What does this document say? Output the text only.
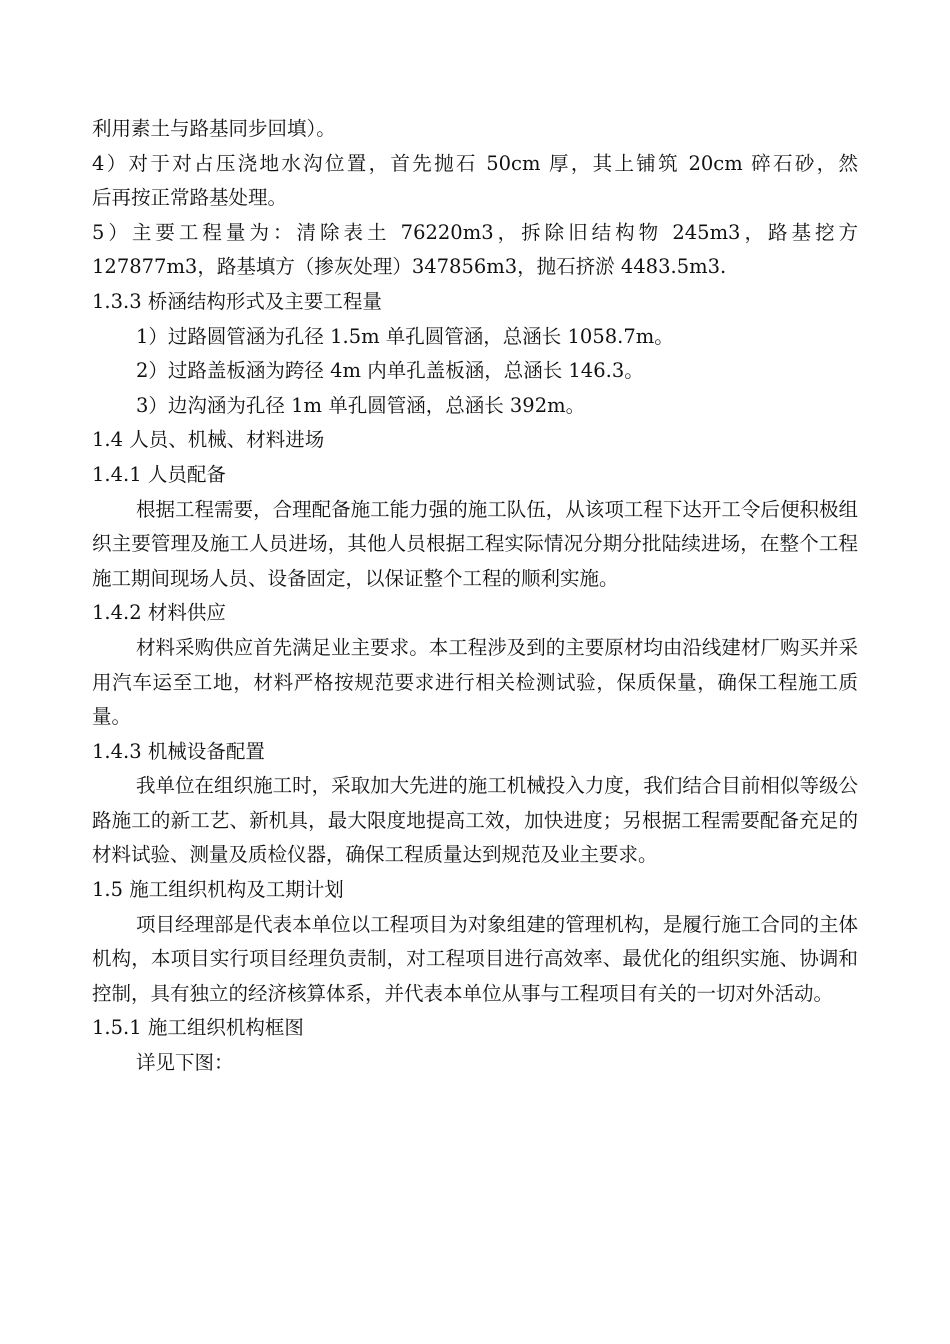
利用素土与路基同步回填）。
4）对于对占压浇地水沟位置，首先抛石 50cm 厚，其上铺筑 20cm 碎石砂，然
后再按正常路基处理。
5）主要工程量为：清除表土 76220m3，拆除旧结构物 245m3，路基挖方
127877m3，路基填方（掺灰处理）347856m3，抛石挤淤 4483.5m3.
1.3.3 桥涵结构形式及主要工程量
1）过路圆管涵为孔径 1.5m 单孔圆管涵，总涵长 1058.7m。
2）过路盖板涵为跨径 4m 内单孔盖板涵，总涵长 146.3。
3）边沟涵为孔径 1m 单孔圆管涵，总涵长 392m。
1.4 人员、机械、材料进场
1.4.1 人员配备
根据工程需要，合理配备施工能力强的施工队伍，从该项工程下达开工令后便积极组织主要管理及施工人员进场，其他人员根据工程实际情况分期分批陆续进场，在整个工程施工期间现场人员、设备固定，以保证整个工程的顺利实施。
1.4.2 材料供应
材料采购供应首先满足业主要求。本工程涉及到的主要原材均由沿线建材厂购买并采用汽车运至工地，材料严格按规范要求进行相关检测试验，保质保量，确保工程施工质量。
1.4.3 机械设备配置
我单位在组织施工时，采取加大先进的施工机械投入力度，我们结合目前相似等级公路施工的新工艺、新机具，最大限度地提高工效，加快进度；另根据工程需要配备充足的材料试验、测量及质检仪器，确保工程质量达到规范及业主要求。
1.5 施工组织机构及工期计划
项目经理部是代表本单位以工程项目为对象组建的管理机构，是履行施工合同的主体机构，本项目实行项目经理负责制，对工程项目进行高效率、最优化的组织实施、协调和控制，具有独立的经济核算体系，并代表本单位从事与工程项目有关的一切对外活动。
1.5.1 施工组织机构框图
详见下图：
